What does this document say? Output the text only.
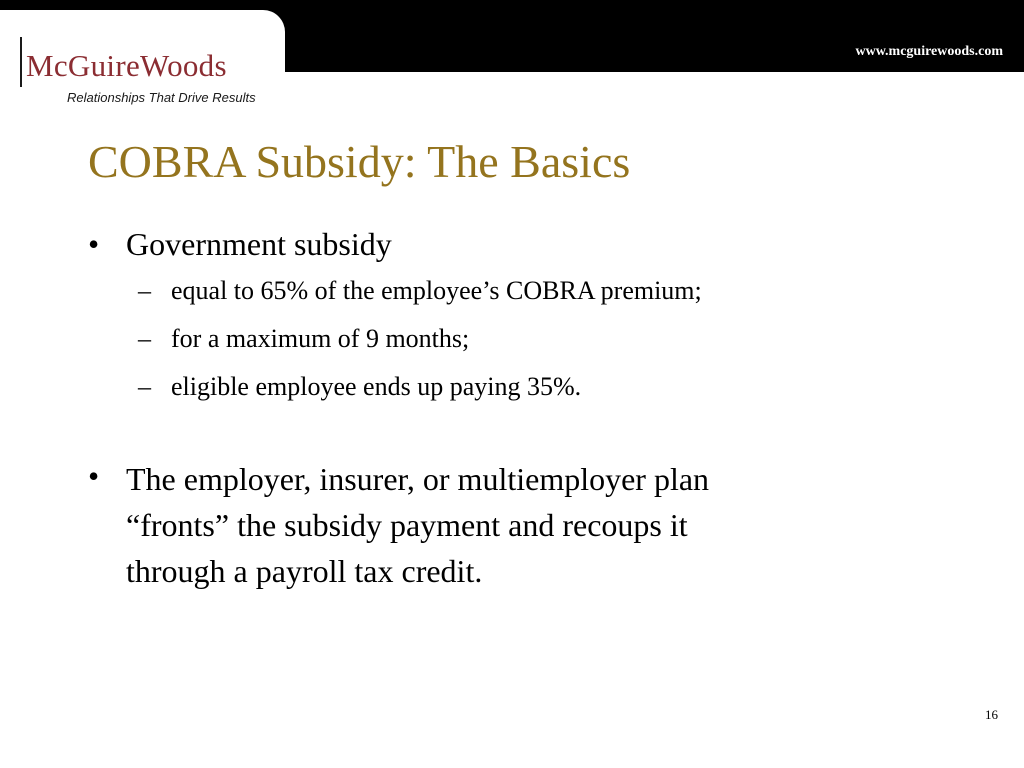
www.mcguirewoods.com
McGuireWoods
Relationships That Drive Results
COBRA Subsidy: The Basics
• Government subsidy
– equal to 65% of the employee’s COBRA premium;
– for a maximum of 9 months;
– eligible employee ends up paying 35%.
• The employer, insurer, or multiemployer plan
“fronts” the subsidy payment and recoups it
through a payroll tax credit.
16
